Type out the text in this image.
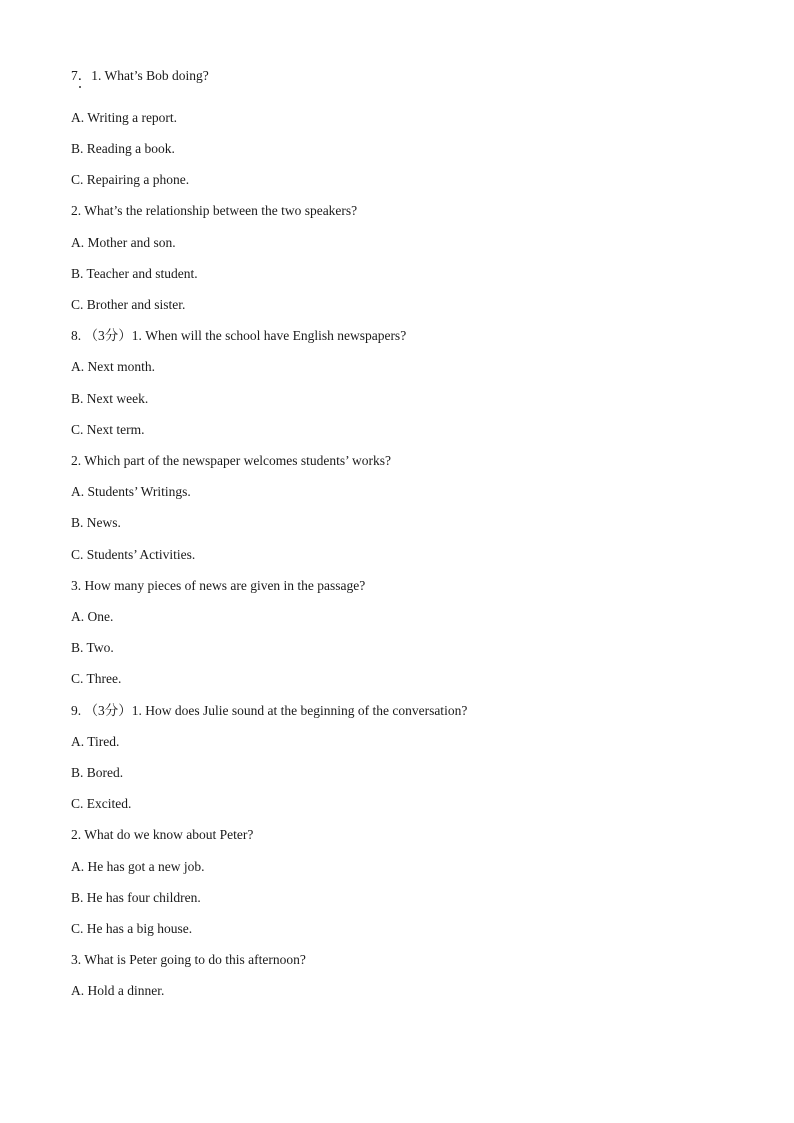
7．1. What’s Bob doing?
A. Writing a report.
B. Reading a book.
C. Repairing a phone.
2. What’s the relationship between the two speakers?
A. Mother and son.
B. Teacher and student.
C. Brother and sister.
8. （3分）1. When will the school have English newspapers?
A. Next month.
B. Next week.
C. Next term.
2. Which part of the newspaper welcomes students’ works?
A. Students’ Writings.
B. News.
C. Students’ Activities.
3. How many pieces of news are given in the passage?
A. One.
B. Two.
C. Three.
9. （3分）1. How does Julie sound at the beginning of the conversation?
A. Tired.
B. Bored.
C. Excited.
2. What do we know about Peter?
A. He has got a new job.
B. He has four children.
C. He has a big house.
3. What is Peter going to do this afternoon?
A. Hold a dinner.
